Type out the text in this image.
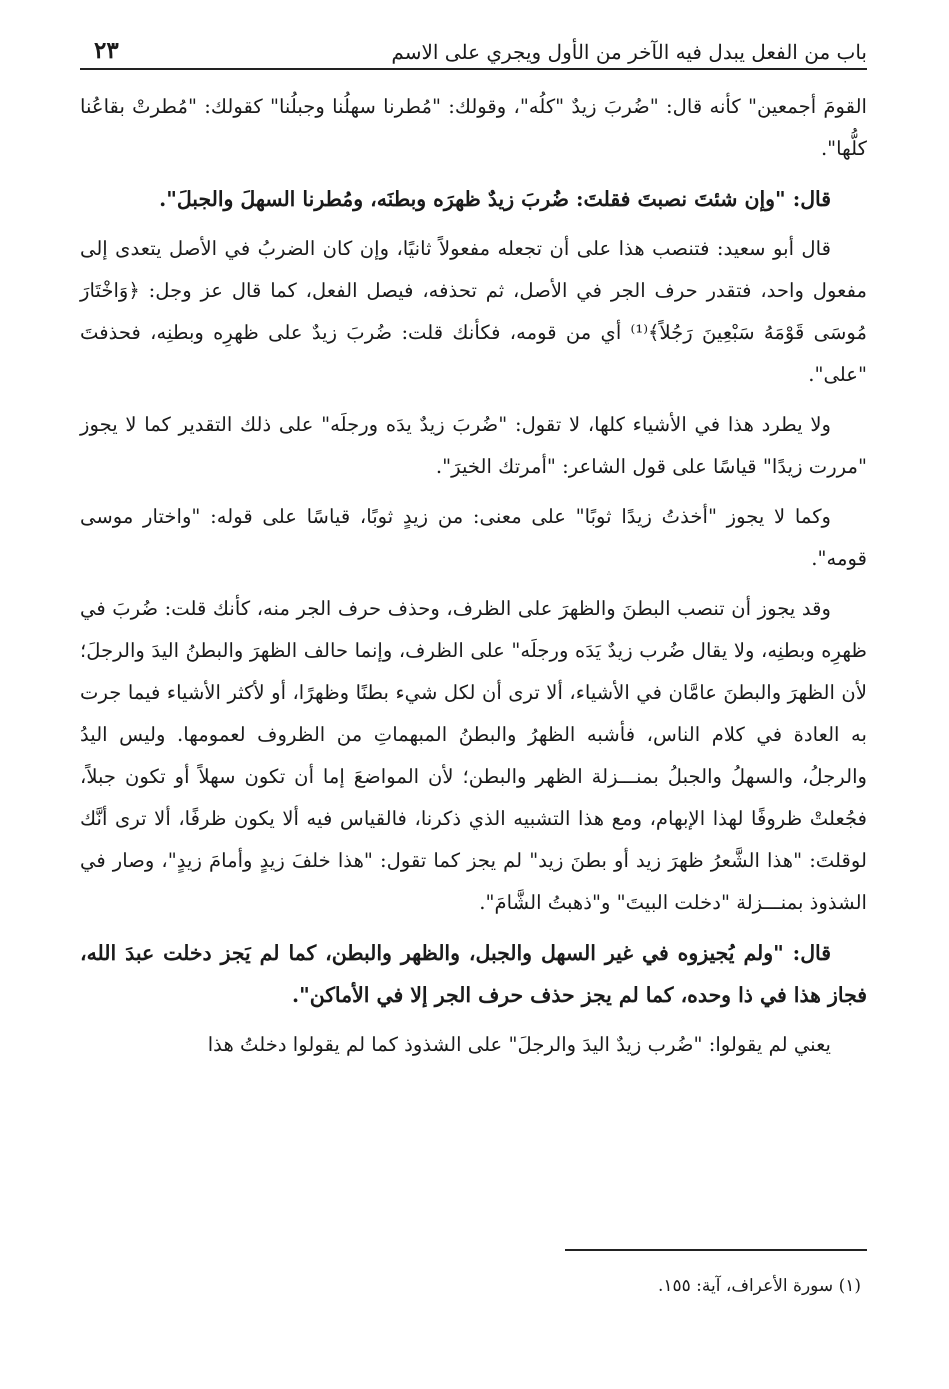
باب من الفعل يبدل فيه الآخر من الأول ويجري على الاسم
٢٣

القومَ أجمعين" كأنه قال: "ضُربَ زيدٌ "كلُه"، وقولك: "مُطرنا سهلُنا وجبلُنا" كقولك: "مُطرتْ بقاعُنا كلُّها".

قال: "وإن شئتَ نصبتَ فقلتَ: ضُربَ زيدٌ ظهرَه وبطنَه، ومُطرنا السهلَ والجبلَ".

قال أبو سعيد: فتنصب هذا على أن تجعله مفعولاً ثانيًا، وإن كان الضربُ في الأصل يتعدى إلى مفعول واحد، فتقدر حرف الجر في الأصل، ثم تحذفه، فيصل الفعل، كما قال عز وجل: ﴿وَاخْتَارَ مُوسَى قَوْمَهُ سَبْعِينَ رَجُلاً﴾⁽¹⁾ أي من قومه، فكأنك قلت: ضُربَ زيدٌ على ظهرِه وبطنِه، فحذفتَ "على".

ولا يطرد هذا في الأشياء كلها، لا تقول: "ضُربَ زيدٌ يدَه ورجلَه" على ذلك التقدير كما لا يجوز "مررت زيدًا" قياسًا على قول الشاعر: "أمرتك الخيرَ".

وكما لا يجوز "أخذتُ زيدًا ثوبًا" على معنى: من زيدٍ ثوبًا، قياسًا على قوله: "واختار موسى قومه".

وقد يجوز أن تنصب البطنَ والظهرَ على الظرف، وحذف حرف الجر منه، كأنك قلت: ضُربَ في ظهرِه وبطنِه، ولا يقال ضُرب زيدٌ يَدَه ورجلَه" على الظرف، وإنما حالف الظهرَ والبطنُ اليدَ والرجلَ؛ لأن الظهرَ والبطنَ عامَّان في الأشياء، ألا ترى أن لكل شيء بطنًا وظهرًا، أو لأكثر الأشياء فيما جرت به العادة في كلام الناس، فأشبه الظهرُ والبطنُ المبهماتِ من الظروف لعمومها. وليس اليدُ والرجلُ، والسهلُ والجبلُ بمنـــزلة الظهر والبطن؛ لأن المواضعَ إما أن تكون سهلاً أو تكون جبلاً، فجُعلتْ ظروفًا لهذا الإبهام، ومع هذا التشبيه الذي ذكرنا، فالقياس فيه ألا يكون ظرفًا، ألا ترى أنَّك لوقلتَ: "هذا الشَّعرُ ظهرَ زيد أو بطنَ زيد" لم يجز كما تقول: "هذا خلفَ زيدٍ وأمامَ زيدٍ"، وصار في الشذوذ بمنـــزلة "دخلت البيتَ" و"ذهبتُ الشَّامَ".

قال: "ولم يُجيزوه في غير السهل والجبل، والظهر والبطن، كما لم يَجز دخلت عبدَ الله، فجاز هذا في ذا وحده، كما لم يجز حذف حرف الجر إلا في الأماكن".

يعني لم يقولوا: "ضُرب زيدٌ اليدَ والرجلَ" على الشذوذ كما لم يقولوا دخلتُ هذا

(١) سورة الأعراف، آية: ١٥٥.
